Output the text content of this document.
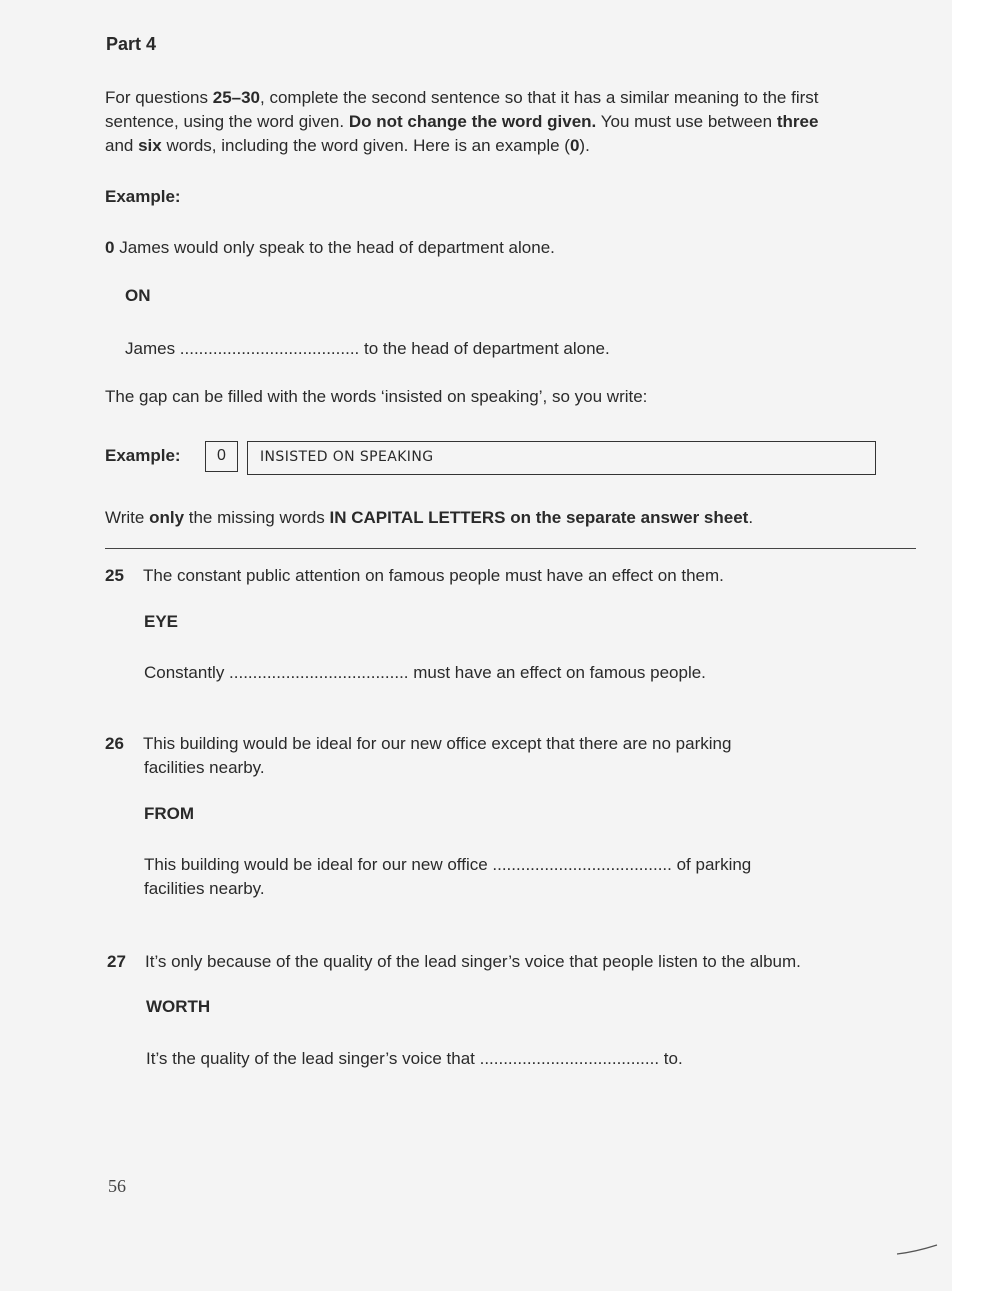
Part 4

For questions 25–30, complete the second sentence so that it has a similar meaning to the first

sentence, using the word given. Do not change the word given. You must use between three

and six words, including the word given. Here is an example (0).

Example:
0 James would only speak to the head of department alone.
ON
James ...................................... to the head of department alone.
The gap can be filled with the words ‘insisted on speaking’, so you write:
Example:	0	INSISTED ON SPEAKING
Write only the missing words IN CAPITAL LETTERS on the separate answer sheet.
25 The constant public attention on famous people must have an effect on them.
EYE
Constantly ...................................... must have an effect on famous people.
26 This building would be ideal for our new office except that there are no parking
facilities nearby.
FROM
This building would be ideal for our new office ...................................... of parking
facilities nearby.
27 It’s only because of the quality of the lead singer’s voice that people listen to the album.
WORTH
It’s the quality of the lead singer’s voice that ...................................... to.
56
